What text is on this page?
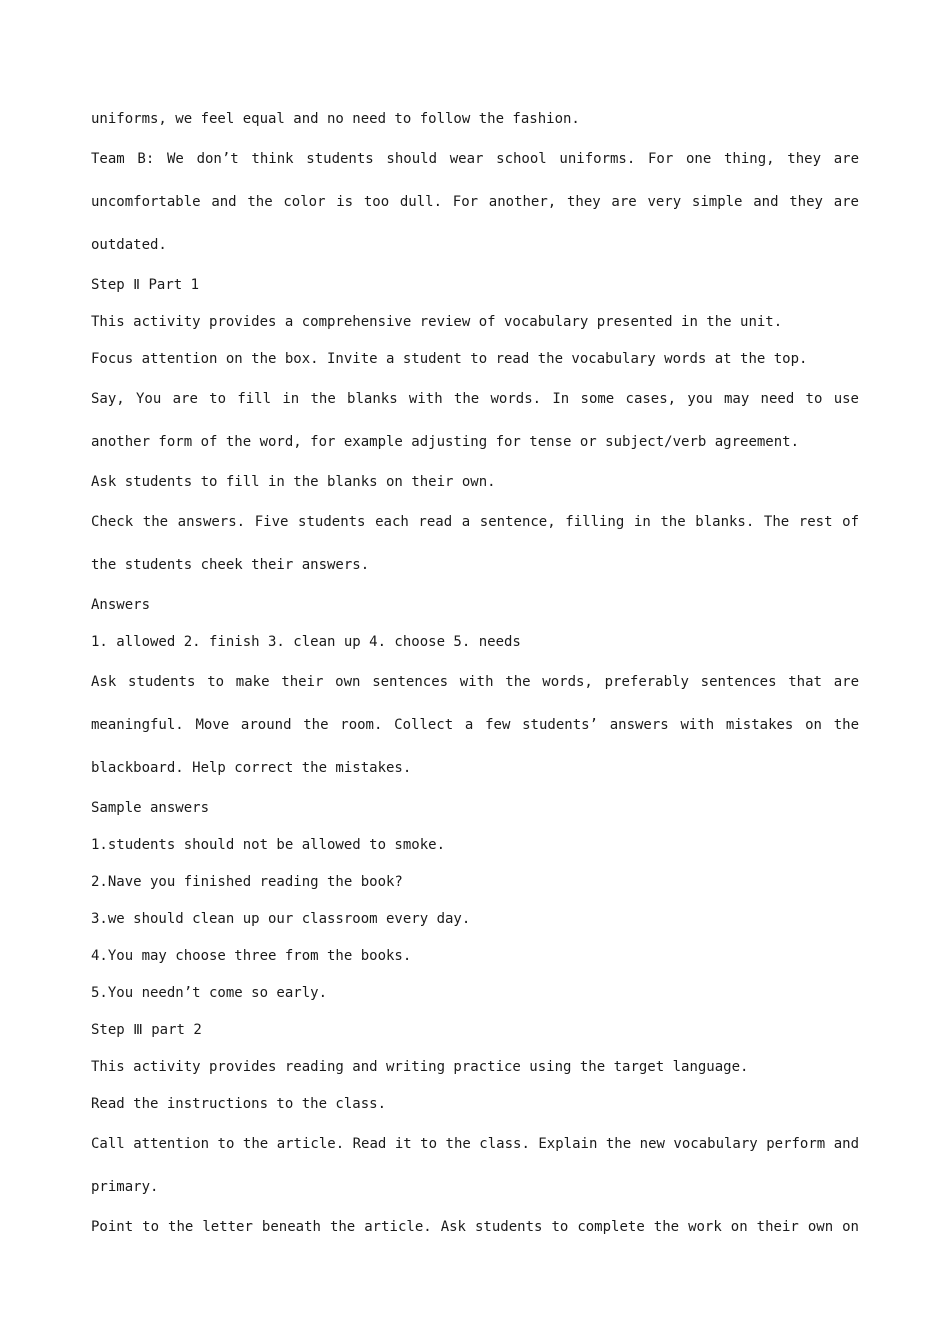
uniforms, we feel equal and no need to follow the fashion.

Team B: We don’t think students should wear school uniforms. For one thing, they are uncomfortable and the color is too dull. For another, they are very simple and they are outdated.

Step Ⅱ Part 1

This activity provides a comprehensive review of vocabulary presented in the unit.

Focus attention on the box. Invite a student to read the vocabulary words at the top.

Say, You are to fill in the blanks with the words. In some cases, you may need to use another form of the word, for example adjusting for tense or subject/verb agreement.

Ask students to fill in the blanks on their own.

Check the answers. Five students each read a sentence, filling in the blanks. The rest of the students cheek their answers.

Answers

1. allowed 2. finish 3. clean up 4. choose 5. needs

Ask students to make their own sentences with the words, preferably sentences that are meaningful. Move around the room. Collect a few students’ answers with mistakes on the blackboard. Help correct the mistakes.

Sample answers

1.students should not be allowed to smoke.

2.Nave you finished reading the book?

3.we should clean up our classroom every day.

4.You may choose three from the books.

5.You needn’t come so early.

Step Ⅲ part 2

This activity provides reading and writing practice using the target language.

Read the instructions to the class.

Call attention to the article. Read it to the class. Explain the new vocabulary perform and primary.

Point to the letter beneath the article. Ask students to complete the work on their own on
